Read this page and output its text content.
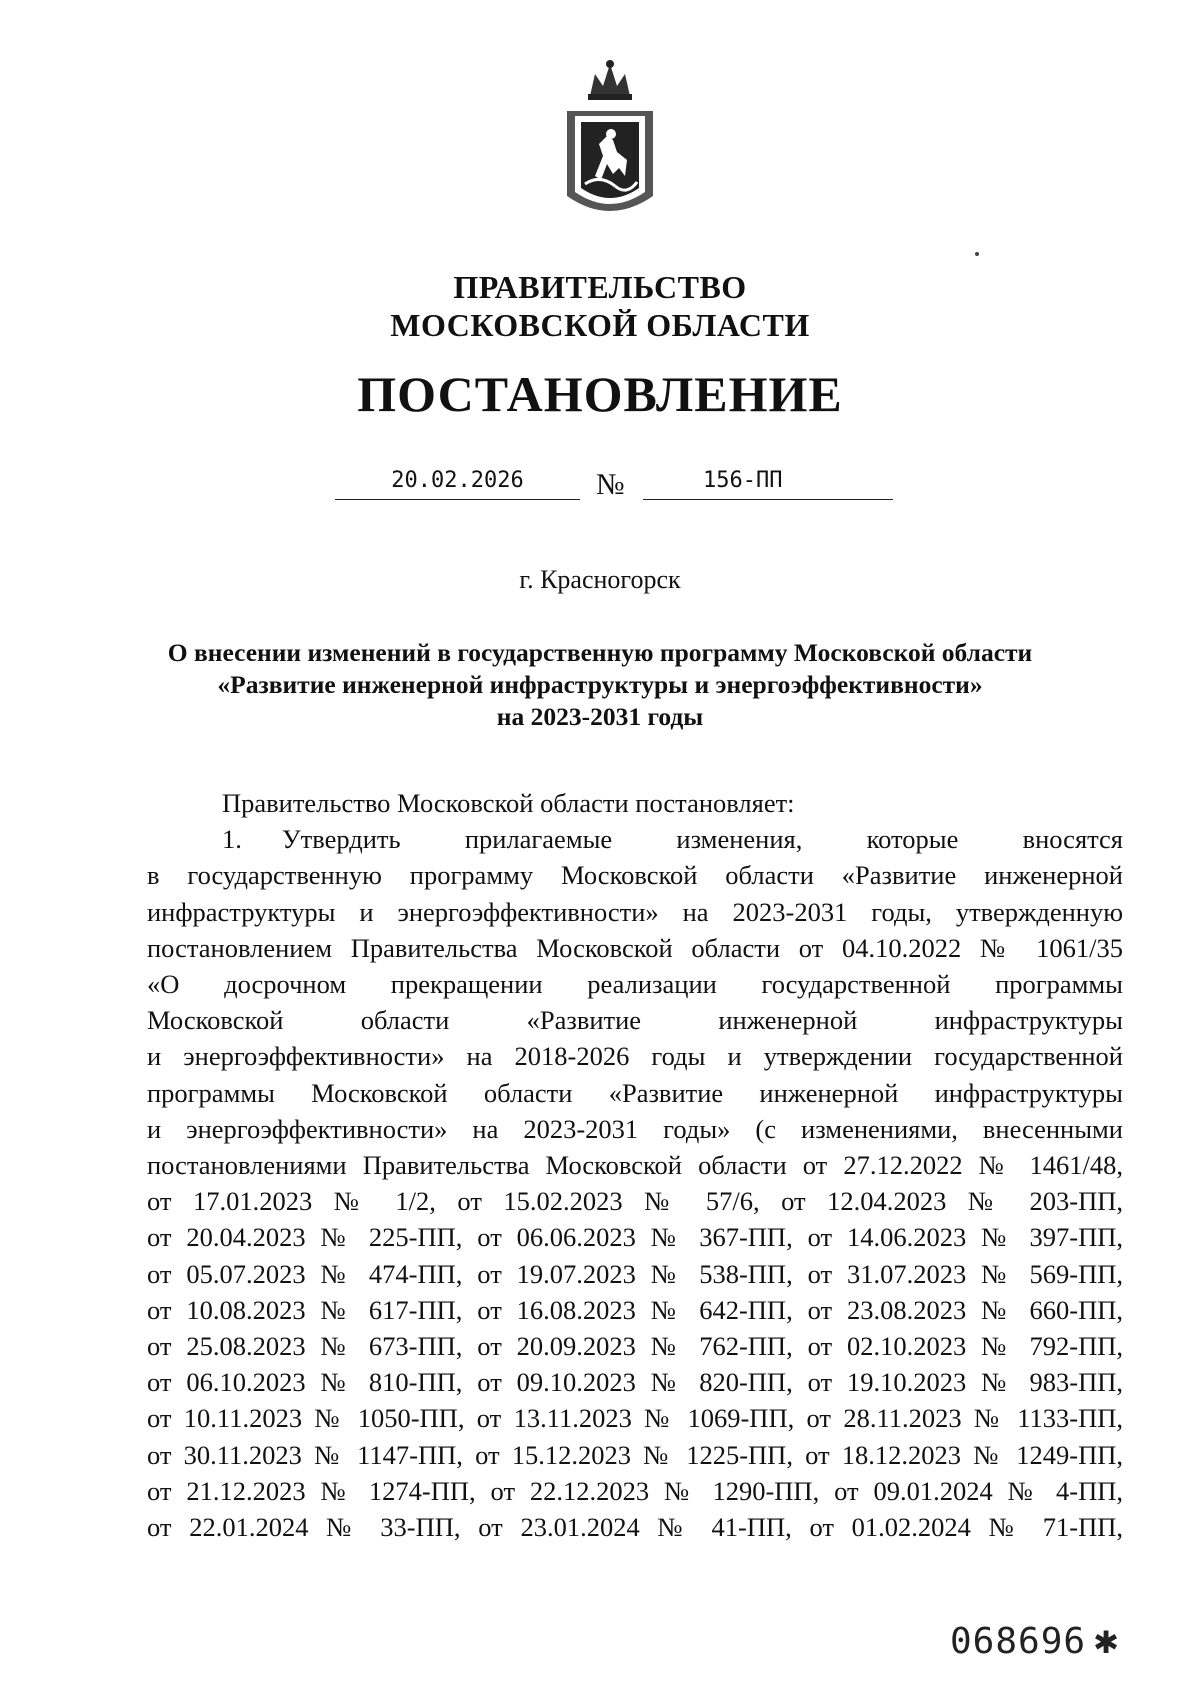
ПРАВИТЕЛЬСТВО
МОСКОВСКОЙ ОБЛАСТИ
ПОСТАНОВЛЕНИЕ
20.02.2026	№	156-ПП
г. Красногорск
О внесении изменений в государственную программу Московской области
«Развитие инженерной инфраструктуры и энергоэффективности»
на 2023-2031 годы

Правительство Московской области постановляет:

1. Утвердить прилагаемые изменения, которые вносятся

в государственную программу Московской области «Развитие инженерной

инфраструктуры и энергоэффективности» на 2023-2031 годы, утвержденную

постановлением Правительства Московской области от 04.10.2022 № 1061/35

«О досрочном прекращении реализации государственной программы

Московской области «Развитие инженерной инфраструктуры

и энергоэффективности» на 2018-2026 годы и утверждении государственной

программы Московской области «Развитие инженерной инфраструктуры

и энергоэффективности» на 2023-2031 годы» (с изменениями, внесенными

постановлениями Правительства Московской области от 27.12.2022 № 1461/48,

от 17.01.2023 № 1/2, от 15.02.2023 № 57/6, от 12.04.2023 № 203-ПП,

от 20.04.2023 № 225-ПП, от 06.06.2023 № 367-ПП, от 14.06.2023 № 397-ПП,

от 05.07.2023 № 474-ПП, от 19.07.2023 № 538-ПП, от 31.07.2023 № 569-ПП,

от 10.08.2023 № 617-ПП, от 16.08.2023 № 642-ПП, от 23.08.2023 № 660-ПП,

от 25.08.2023 № 673-ПП, от 20.09.2023 № 762-ПП, от 02.10.2023 № 792-ПП,

от 06.10.2023 № 810-ПП, от 09.10.2023 № 820-ПП, от 19.10.2023 № 983-ПП,

от 10.11.2023 № 1050-ПП, от 13.11.2023 № 1069-ПП, от 28.11.2023 № 1133-ПП,

от 30.11.2023 № 1147-ПП, от 15.12.2023 № 1225-ПП, от 18.12.2023 № 1249-ПП,

от 21.12.2023 № 1274-ПП, от 22.12.2023 № 1290-ПП, от 09.01.2024 № 4-ПП,

от 22.01.2024 № 33-ПП, от 23.01.2024 № 41-ПП, от 01.02.2024 № 71-ПП,

068696 ✱
